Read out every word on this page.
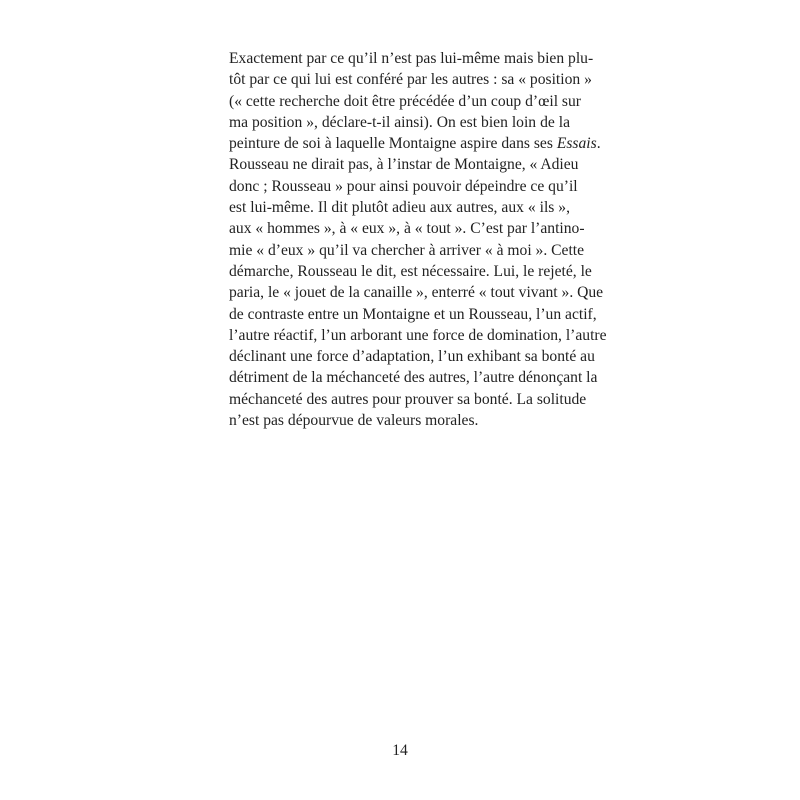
Exactement par ce qu’il n’est pas lui-même mais bien plu-
tôt par ce qui lui est conféré par les autres : sa « position »
(« cette recherche doit être précédée d’un coup d’œil sur
ma position », déclare-t-il ainsi). On est bien loin de la
peinture de soi à laquelle Montaigne aspire dans ses Essais.
Rousseau ne dirait pas, à l’instar de Montaigne, « Adieu
donc ; Rousseau » pour ainsi pouvoir dépeindre ce qu’il
est lui-même. Il dit plutôt adieu aux autres, aux « ils »,
aux « hommes », à « eux », à « tout ». C’est par l’antino-
mie « d’eux » qu’il va chercher à arriver « à moi ». Cette
démarche, Rousseau le dit, est nécessaire. Lui, le rejeté, le
paria, le « jouet de la canaille », enterré « tout vivant ». Que
de contraste entre un Montaigne et un Rousseau, l’un actif,
l’autre réactif, l’un arborant une force de domination, l’autre
déclinant une force d’adaptation, l’un exhibant sa bonté au
détriment de la méchanceté des autres, l’autre dénonçant la
méchanceté des autres pour prouver sa bonté. La solitude
n’est pas dépourvue de valeurs morales.
14
